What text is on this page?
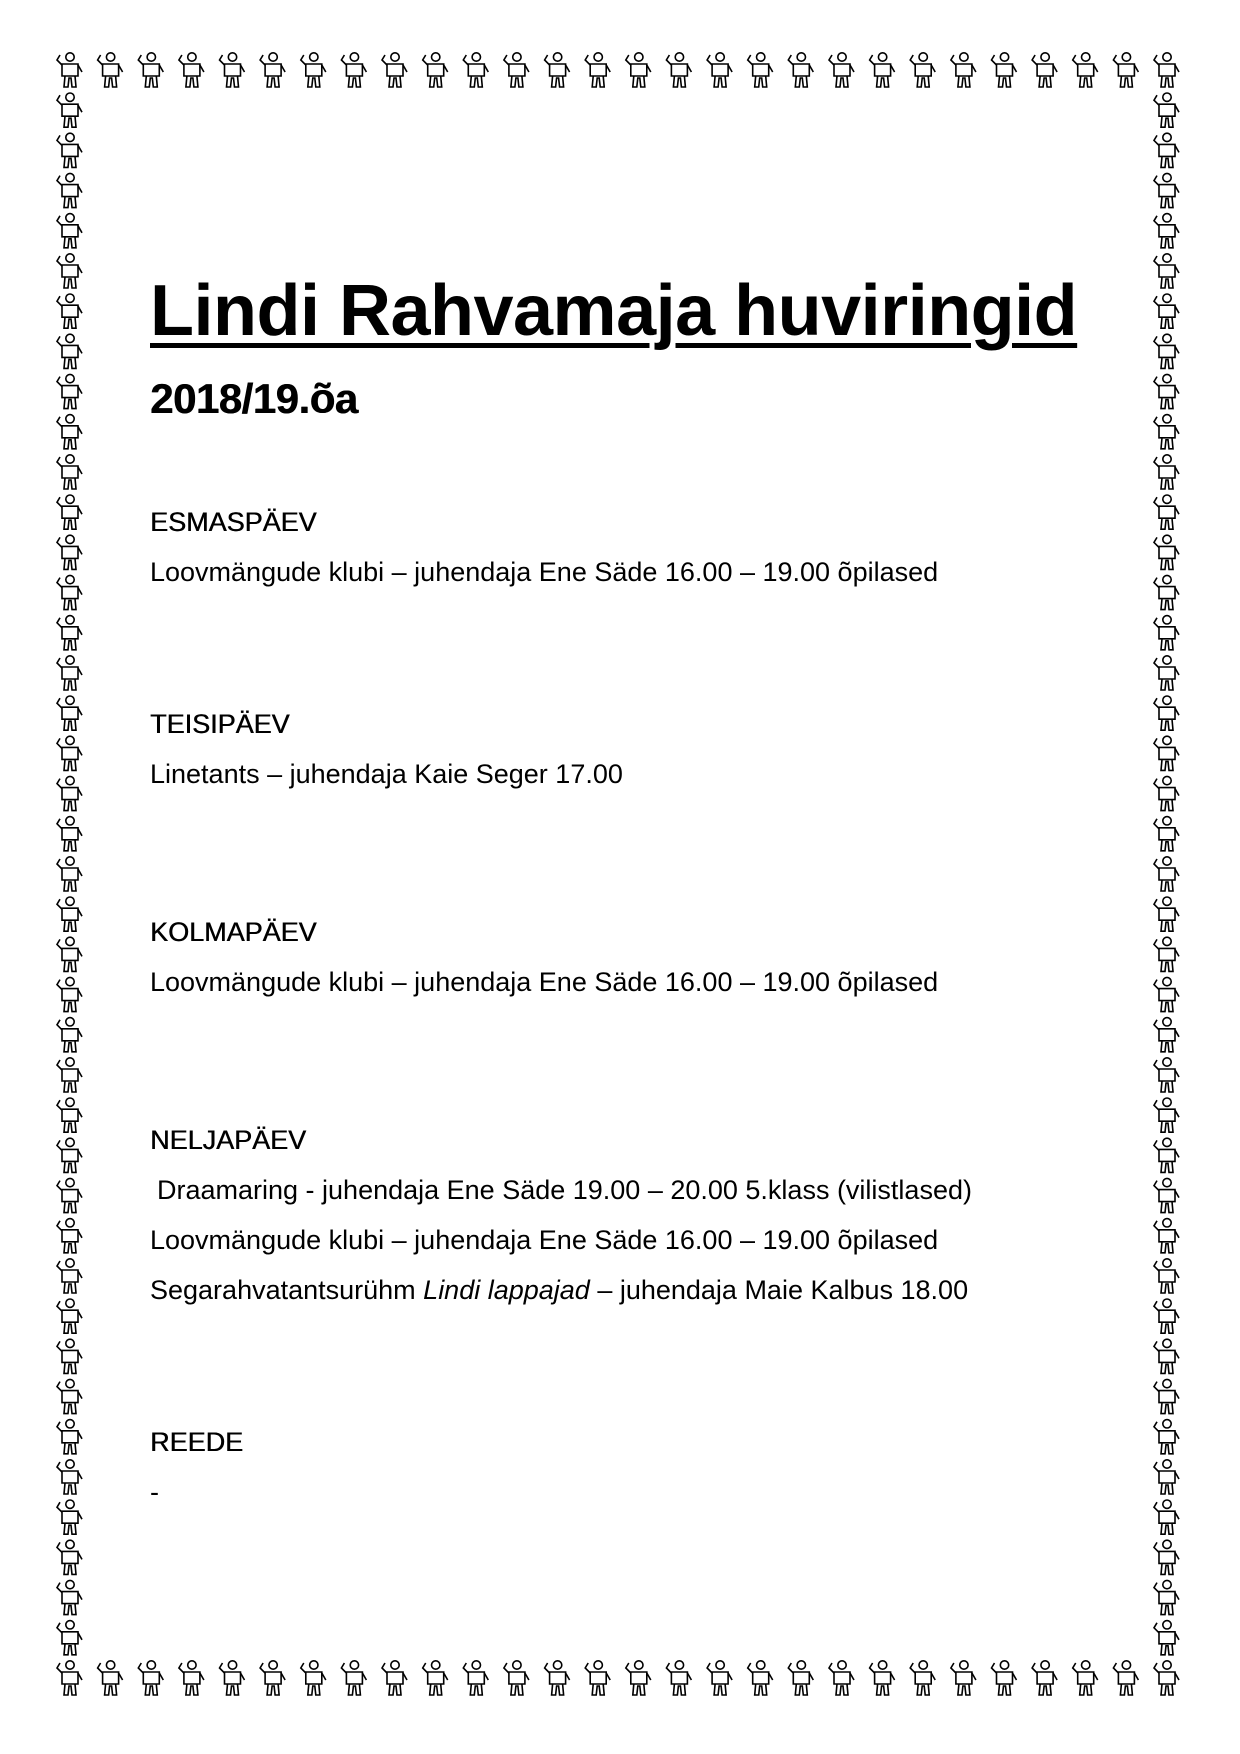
Lindi Rahvamaja huviringid
2018/19.õa
ESMASPÄEV
Loovmängude klubi – juhendaja Ene Säde 16.00 – 19.00 õpilased
TEISIPÄEV
Linetants – juhendaja Kaie Seger 17.00
KOLMAPÄEV
Loovmängude klubi – juhendaja Ene Säde 16.00 – 19.00 õpilased
NELJAPÄEV
Draamaring - juhendaja Ene Säde 19.00 – 20.00 5.klass (vilistlased)
Loovmängude klubi – juhendaja Ene Säde 16.00 – 19.00 õpilased
Segarahvatantsurühm Lindi lappajad – juhendaja Maie Kalbus 18.00
REEDE
-
